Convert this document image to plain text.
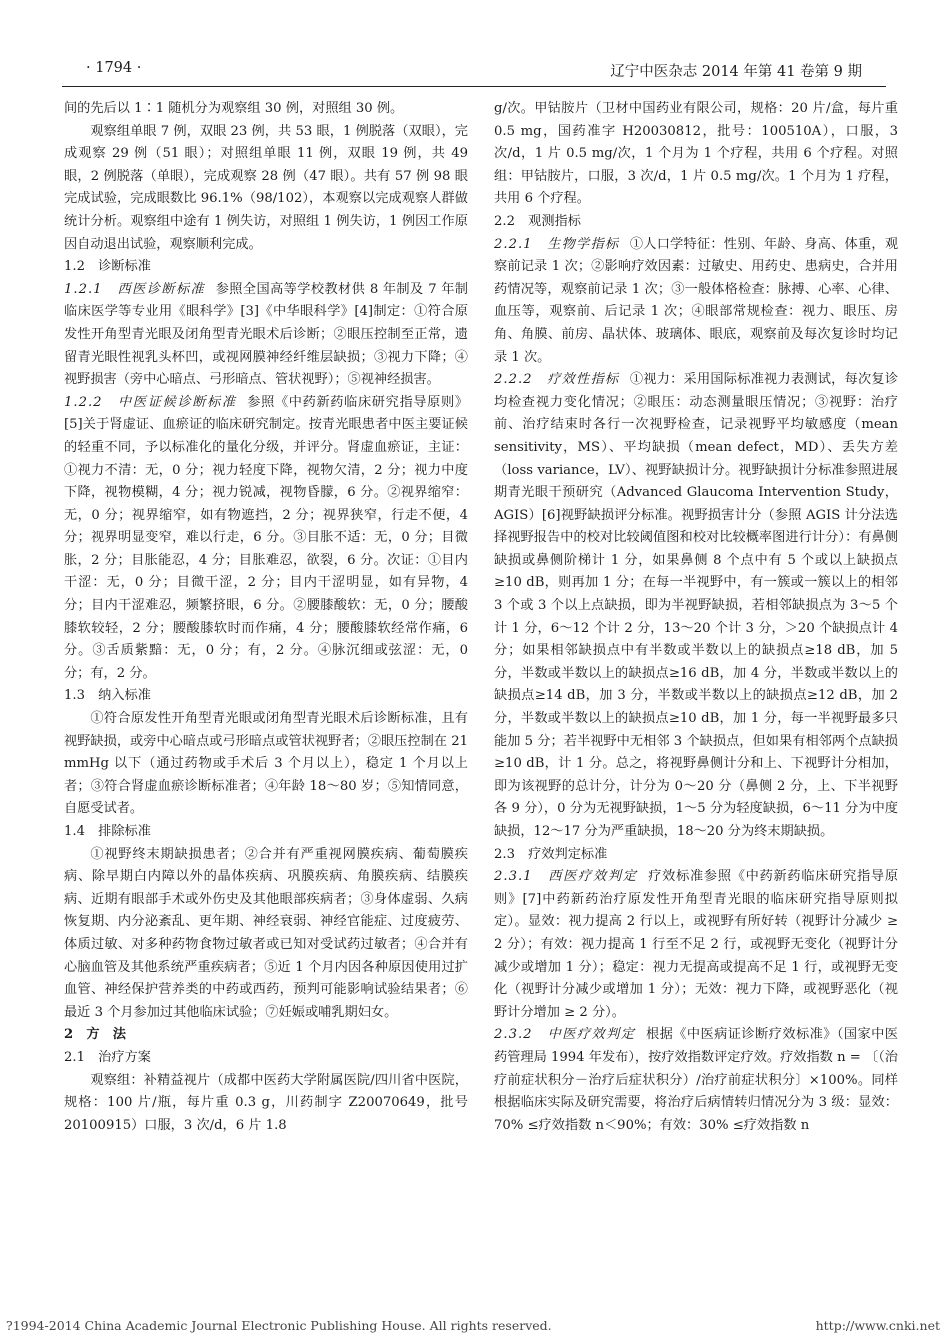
· 1794 ·	辽宁中医杂志 2014 年第 41 卷第 9 期

间的先后以 1∶1 随机分为观察组 30 例，对照组 30 例。

观察组单眼 7 例，双眼 23 例，共 53 眼，1 例脱落（双眼），完成观察 29 例（51 眼）；对照组单眼 11 例，双眼 19 例，共 49 眼，2 例脱落（单眼），完成观察 28 例（47 眼）。共有 57 例 98 眼完成试验，完成眼数比 96.1%（98/102），本观察以完成观察人群做统计分析。观察组中途有 1 例失访，对照组 1 例失访，1 例因工作原因自动退出试验，观察顺利完成。

1.2　诊断标准

1.2.1　西医诊断标准 参照全国高等学校教材供 8 年制及 7 年制临床医学等专业用《眼科学》[3]《中华眼科学》[4]制定：①符合原发性开角型青光眼及闭角型青光眼术后诊断；②眼压控制至正常，遗留青光眼性视乳头杯凹，或视网膜神经纤维层缺损；③视力下降；④视野损害（旁中心暗点、弓形暗点、管状视野）；⑤视神经损害。

1.2.2　中医证候诊断标准 参照《中药新药临床研究指导原则》[5]关于肾虚证、血瘀证的临床研究制定。按青光眼患者中医主要证候的轻重不同，予以标准化的量化分级，并评分。肾虚血瘀证，主证：①视力不清：无，0 分；视力轻度下降，视物欠清，2 分；视力中度下降，视物模糊，4 分；视力锐减，视物昏朦，6 分。②视界缩窄：无，0 分；视界缩窄，如有物遮挡，2 分；视界狭窄，行走不便，4 分；视界明显变窄，难以行走，6 分。③目胀不适：无，0 分；目微胀，2 分；目胀能忍，4 分；目胀难忍，欲裂，6 分。次证：①目内干涩：无，0 分；目微干涩，2 分；目内干涩明显，如有异物，4 分；目内干涩难忍，频繁挤眼，6 分。②腰膝酸软：无，0 分；腰酸膝软较轻，2 分；腰酸膝软时而作痛，4 分；腰酸膝软经常作痛，6 分。③舌质紫黯：无，0 分；有，2 分。④脉沉细或弦涩：无，0 分；有，2 分。

1.3　纳入标准

①符合原发性开角型青光眼或闭角型青光眼术后诊断标准，且有视野缺损，或旁中心暗点或弓形暗点或管状视野者；②眼压控制在 21 mmHg 以下（通过药物或手术后 3 个月以上），稳定 1 个月以上者；③符合肾虚血瘀诊断标准者；④年龄 18～80 岁；⑤知情同意，自愿受试者。

1.4　排除标准

①视野终末期缺损患者；②合并有严重视网膜疾病、葡萄膜疾病、除早期白内障以外的晶体疾病、巩膜疾病、角膜疾病、结膜疾病、近期有眼部手术或外伤史及其他眼部疾病者；③身体虚弱、久病恢复期、内分泌紊乱、更年期、神经衰弱、神经官能症、过度疲劳、体质过敏、对多种药物食物过敏者或已知对受试药过敏者；④合并有心脑血管及其他系统严重疾病者；⑤近 1 个月内因各种原因使用过扩血管、神经保护营养类的中药或西药，预判可能影响试验结果者；⑥最近 3 个月参加过其他临床试验；⑦妊娠或哺乳期妇女。

2　方　法

2.1　治疗方案

观察组：补精益视片（成都中医药大学附属医院/四川省中医院，规格：100 片/瓶，每片重 0.3 g，川药制字 Z20070649，批号 20100915）口服，3 次/d，6 片 1.8

g/次。甲钴胺片（卫材中国药业有限公司，规格：20 片/盒，每片重 0.5 mg，国药准字 H20030812，批号：100510A），口服，3 次/d，1 片 0.5 mg/次，1 个月为 1 个疗程，共用 6 个疗程。对照组：甲钴胺片，口服，3 次/d，1 片 0.5 mg/次。1 个月为 1 疗程，共用 6 个疗程。

2.2　观测指标

2.2.1　生物学指标 ①人口学特征：性别、年龄、身高、体重，观察前记录 1 次；②影响疗效因素：过敏史、用药史、患病史，合并用药情况等，观察前记录 1 次；③一般体格检查：脉搏、心率、心律、血压等，观察前、后记录 1 次；④眼部常规检查：视力、眼压、房角、角膜、前房、晶状体、玻璃体、眼底，观察前及每次复诊时均记录 1 次。

2.2.2　疗效性指标 ①视力：采用国际标准视力表测试，每次复诊均检查视力变化情况；②眼压：动态测量眼压情况；③视野：治疗前、治疗结束时各行一次视野检查，记录视野平均敏感度（mean sensitivity，MS）、平均缺损（mean defect，MD）、丢失方差（loss variance，LV）、视野缺损计分。视野缺损计分标准参照进展期青光眼干预研究（Advanced Glaucoma Intervention Study，AGIS）[6]视野缺损评分标准。视野损害计分（参照 AGIS 计分法选择视野报告中的校对比较阈值图和校对比较概率图进行计分）：有鼻侧缺损或鼻侧阶梯计 1 分，如果鼻侧 8 个点中有 5 个或以上缺损点≥10 dB，则再加 1 分；在每一半视野中，有一簇或一簇以上的相邻 3 个或 3 个以上点缺损，即为半视野缺损，若相邻缺损点为 3～5 个计 1 分，6～12 个计 2 分，13～20 个计 3 分，＞20 个缺损点计 4 分；如果相邻缺损点中有半数或半数以上的缺损点≥18 dB，加 5 分，半数或半数以上的缺损点≥16 dB，加 4 分，半数或半数以上的缺损点≥14 dB，加 3 分，半数或半数以上的缺损点≥12 dB，加 2 分，半数或半数以上的缺损点≥10 dB，加 1 分，每一半视野最多只能加 5 分；若半视野中无相邻 3 个缺损点，但如果有相邻两个点缺损≥10 dB，计 1 分。总之，将视野鼻侧计分和上、下视野计分相加，即为该视野的总计分，计分为 0～20 分（鼻侧 2 分，上、下半视野各 9 分），0 分为无视野缺损，1～5 分为轻度缺损，6～11 分为中度缺损，12～17 分为严重缺损，18～20 分为终末期缺损。

2.3　疗效判定标准

2.3.1　西医疗效判定 疗效标准参照《中药新药临床研究指导原则》[7]中药新药治疗原发性开角型青光眼的临床研究指导原则拟定）。显效：视力提高 2 行以上，或视野有所好转（视野计分减少 ≥ 2 分）；有效：视力提高 1 行至不足 2 行，或视野无变化（视野计分减少或增加 1 分）；稳定：视力无提高或提高不足 1 行，或视野无变化（视野计分减少或增加 1 分）；无效：视力下降，或视野恶化（视野计分增加 ≥ 2 分）。

2.3.2　中医疗效判定 根据《中医病证诊断疗效标准》（国家中医药管理局 1994 年发布），按疗效指数评定疗效。疗效指数 n = 〔（治疗前症状积分－治疗后症状积分）/治疗前症状积分〕×100%。同样根据临床实际及研究需要，将治疗后病情转归情况分为 3 级：显效：70% ≤疗效指数 n＜90%；有效：30% ≤疗效指数 n

?1994-2014 China Academic Journal Electronic Publishing House. All rights reserved.	http://www.cnki.net
